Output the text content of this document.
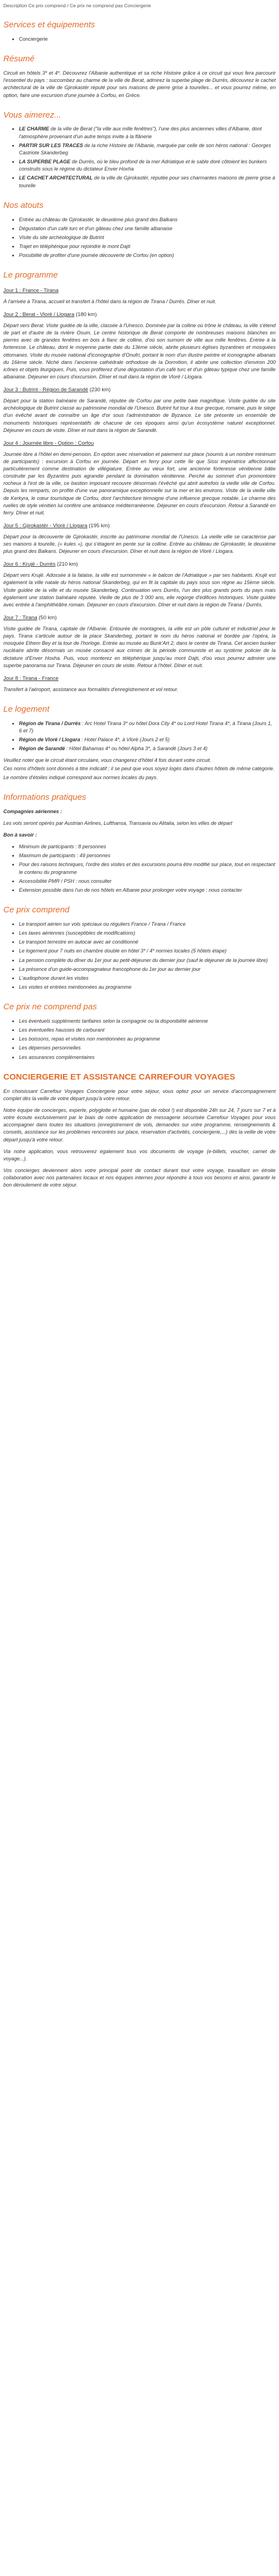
Description Ce prix comprend / Ce prix ne comprend pas Conciergerie
Services et équipements
• Conciergerie
Résumé

Circuit en hôtels 3* et 4*. Découvrez l'Albanie authentique et sa riche Histoire grâce à ce circuit qui vous fera parcourir l'essentiel du pays : succombez au charme de la ville de Berat, admirez la superbe plage de Durrës, découvrez le cachet architectural de la ville de Gjirokastër réputé pour ses maisons de pierre grise à tourelles... et vous pourrez même, en option, faire une excursion d'une journée à Corfou, en Grèce.

Vous aimerez...
• LE CHARME de la ville de Berat ("la ville aux mille fenêtres"), l'une des plus anciennes villes d'Albanie, dont l'atmosphère provenant d'un autre temps invite à la flânerie
• PARTIR SUR LES TRACES de la riche Histoire de l'Albanie, marquée par celle de son héros national : Georges Castriote Skanderbeg
• LA SUPERBE PLAGE de Durrës, où le bleu profond de la mer Adriatique et le sable doré côtoient les bunkers construits sous le régime du dictateur Enver Hoxha
• LE CACHET ARCHITECTURAL de la ville de Gjirokastër, réputée pour ses charmantes maisons de pierre grise à tourelle
Nos atouts
• Entrée au château de Gjirokastër, le deuxième plus grand des Balkans
• Dégustation d'un café turc et d'un gâteau chez une famille albanaise
• Visite du site archéologique de Butrint
• Trajet en téléphérique pour rejoindre le mont Dajti
• Possibilité de profiter d'une journée découverte de Corfou (en option)
Le programme
Jour 1 : France - Tirana

À l'arrivée à Tirana, accueil et transfert à l'hôtel dans la région de Tirana / Durrës. Dîner et nuit.

Jour 2 : Berat - Vlorë / Llogara (180 km)

Départ vers Berat. Visite guidée de la ville, classée à l'Unesco. Dominée par la colline où trône le château, la ville s'étend de part et d'autre de la rivière Osum. Le centre historique de Berat comporte de nombreuses maisons blanches en pierres avec de grandes fenêtres en bois à flanc de colline, d'où son surnom de ville aux mille fenêtres. Entrée à la forteresse. Le château, dont le moyenne partie date du 13ème siècle, abrite plusieurs églises byzantines et mosquées ottomanes. Visite du musée national d'iconographie d'Onufri, portant le nom d'un illustre peintre et iconographe albanais du 16ème siècle. Niché dans l'ancienne cathédrale orthodoxe de la Dormition, il abrite une collection d'environ 200 icônes et objets liturgiques. Puis, vous profiterez d'une dégustation d'un café turc et d'un gâteau typique chez une famille albanaise. Déjeuner en cours d'excursion. Dîner et nuit dans la région de Vlorë / Llogara.

Jour 3 : Butrint - Région de Sarandë (230 km)

Départ pour la station balnéaire de Sarandë, réputée de Corfou par une petite baie magnifique. Visite guidée du site archéologique de Butrint classé au patrimoine mondial de l'Unesco. Butrint fut tour à tour grecque, romaine, puis le siège d'un évêché avant de connaître un âge d'or sous l'administration de Byzance. Le site présente un ensemble de monuments historiques représentatifs de chacune de ces époques ainsi qu'un écosystème naturel exceptionnel. Déjeuner en cours de visite. Dîner et nuit dans la région de Sarandë.

Jour 4 : Journée libre - Option : Corfou

Journée libre à l'hôtel en demi-pension. En option avec réservation et paiement sur place (soumis à un nombre minimum de participants) : excursion à Corfou en journée. Départ en ferry pour cette île que Sissi impératrice affectionnait particulièrement comme destination de villégiature. Entrée au vieux fort, une ancienne forteresse vénitienne bâtie construite par les Byzantins puis agrandie pendant la domination vénitienne. Perché au sommet d'un promontoire rocheux à l'est de la ville, ce bastion imposant recouvre désormais l'évêché qui abrit autrefois la vieille ville de Corfou. Depuis les remparts, on profite d'une vue panoramique exceptionnelle sur la mer et les environs. Visite de la vieille ville de Kerkyra, le cœur touristique de Corfou, dont l'architecture témoigne d'une influence grecque notable. Le charme des ruelles de style vénitien lui confère une ambiance méditerranéenne. Déjeuner en cours d'excursion. Retour à Sarandë en ferry. Dîner et nuit.

Jour 5 : Gjirokastër - Vlorë / Llogara (195 km)

Départ pour la découverte de Gjirokastër, inscrite au patrimoine mondial de l'Unesco. La vieille ville se caractérise par ses maisons à tourelle, (« kules »), qui s'étagent en pente sur la colline. Entrée au château de Gjirokastër, le deuxième plus grand des Balkans. Déjeuner en cours d'excursion. Dîner et nuit dans la région de Vlorë / Llogara.

Jour 6 : Krujë - Durrës (210 km)

Départ vers Krujë. Adossée à la falaise, la ville est surnommée « le balcon de l'Adriatique » par ses habitants. Krujë est également la ville natale du héros national Skanderbeg, qui en fit la capitale du pays sous son règne au 15ème siècle. Visite guidée de la ville et du musée Skanderbeg. Continuation vers Durrës, l'un des plus grands ports du pays mais également une station balnéaire réputée. Vieille de plus de 3 000 ans, elle regorge d'édifices historiques. Visite guidée avec entrée à l'amphithéâtre romain. Déjeuner en cours d'excursion. Dîner et nuit dans la région de Tirana / Durrës.

Jour 7 : Tirana (50 km)

Visite guidée de Tirana, capitale de l'Albanie. Entourée de montagnes, la ville est un pôle culturel et industriel pour le pays. Tirana s'articule autour de la place Skanderbeg, portant le nom du héros national et bordée par l'opéra, la mosquée Ethem Bey et la tour de l'horloge. Entrée au musée au Bunk'Art 2, dans le centre de Tirana. Cet ancien bunker nucléaire abrite désormais un musée consacré aux crimes de la période communiste et au système policier de la dictature d'Enver Hoxha. Puis, vous monterez en téléphérique jusqu'au mont Dajti, d'où vous pourrez admirer une superbe panorama sur Tirana. Déjeuner en cours de visite. Retour à l'hôtel. Dîner et nuit.

Jour 8 : Tirana - France

Transfert à l'aéroport, assistance aux formalités d'enregistrement et vol retour.

Le logement
• Région de Tirana / Durrës : Arc Hotel Tirana 3* ou hôtel Dora City 4* ou Lord Hotel Tirana 4*, à Tirana (Jours 1, 6 et 7)
• Région de Vlorë / Llogara : Hotel Palace 4*, à Vlorë (Jours 2 et 5)
• Région de Sarandë : Hôtel Bahamas 4* ou hôtel Alpha 3*, à Sarandë (Jours 3 et 4)

Veuillez noter que le circuit étant circulaire, vous changerez d'hôtel 4 fois durant votre circuit.

Ces noms d'hôtels sont donnés à titre indicatif ; il se peut que vous soyez logés dans d'autres hôtels de même catégorie.

Le nombre d'étoiles indiqué correspond aux normes locales du pays.

Informations pratiques

Compagnies aériennes :

Les vols seront opérés par Austrian Airlines, Lufthansa, Transavia ou Alitalia, selon les villes de départ

Bon à savoir :

• Minimum de participants : 8 personnes
• Maximum de participants : 49 personnes
• Pour des raisons techniques, l'ordre des visites et des excursions pourra être modifié sur place, tout en respectant le contenu du programme
• Accessibilité PMR / PSH : nous consulter
• Extension possible dans l'un de nos hôtels en Albanie pour prolonger votre voyage : nous contacter
Ce prix comprend
• Le transport aérien sur vols spéciaux ou réguliers France / Tirana / France
• Les taxes aériennes (susceptibles de modifications)
• Le transport terrestre en autocar avec air conditionné
• Le logement pour 7 nuits en chambre double en hôtel 3* / 4* normes locales (5 hôtels étape)
• La pension complète du dîner du 1er jour au petit-déjeuner du dernier jour (sauf le déjeuner de la journée libre)
• La présence d'un guide-accompagnateur francophone du 1er jour au dernier jour
• L'audiophone durant les visites
• Les visites et entrées mentionnées au programme
Ce prix ne comprend pas
• Les éventuels suppléments tarifaires selon la compagnie ou la disponibilité aérienne
• Les éventuelles hausses de carburant
• Les boissons, repas et visites non mentionnées au programme
• Les dépenses personnelles
• Les assurances complémentaires
CONCIERGERIE ET ASSISTANCE CARREFOUR VOYAGES

En choisissant Carrefour Voyages Conciergerie pour votre séjour, vous optez pour un service d'accompagnement complet dès la veille de votre départ jusqu'à votre retour.

Notre équipe de concierges, experte, polyglotte et humaine (pas de robot !) est disponible 24h sur 24, 7 jours sur 7 et à votre écoute exclusivement par le biais de notre application de messagerie sécurisée Carrefour Voyages pour vous accompagner dans toutes les situations (enregistrement de vols, demandes sur votre programme, renseignements & conseils, assistance sur les problèmes rencontrés sur place, réservation d'activités, conciergerie,...) dès la veille de votre départ jusqu'à votre retour.

Via notre application, vous retrouverez également tous vos documents de voyage (e-billets, voucher, carnet de voyage...).

Vos concierges deviennent alors votre principal point de contact durant tout votre voyage, travaillant en étroite collaboration avec nos partenaires locaux et nos équipes internes pour répondre à tous vos besoins et ainsi, garantir le bon déroulement de votre séjour.
